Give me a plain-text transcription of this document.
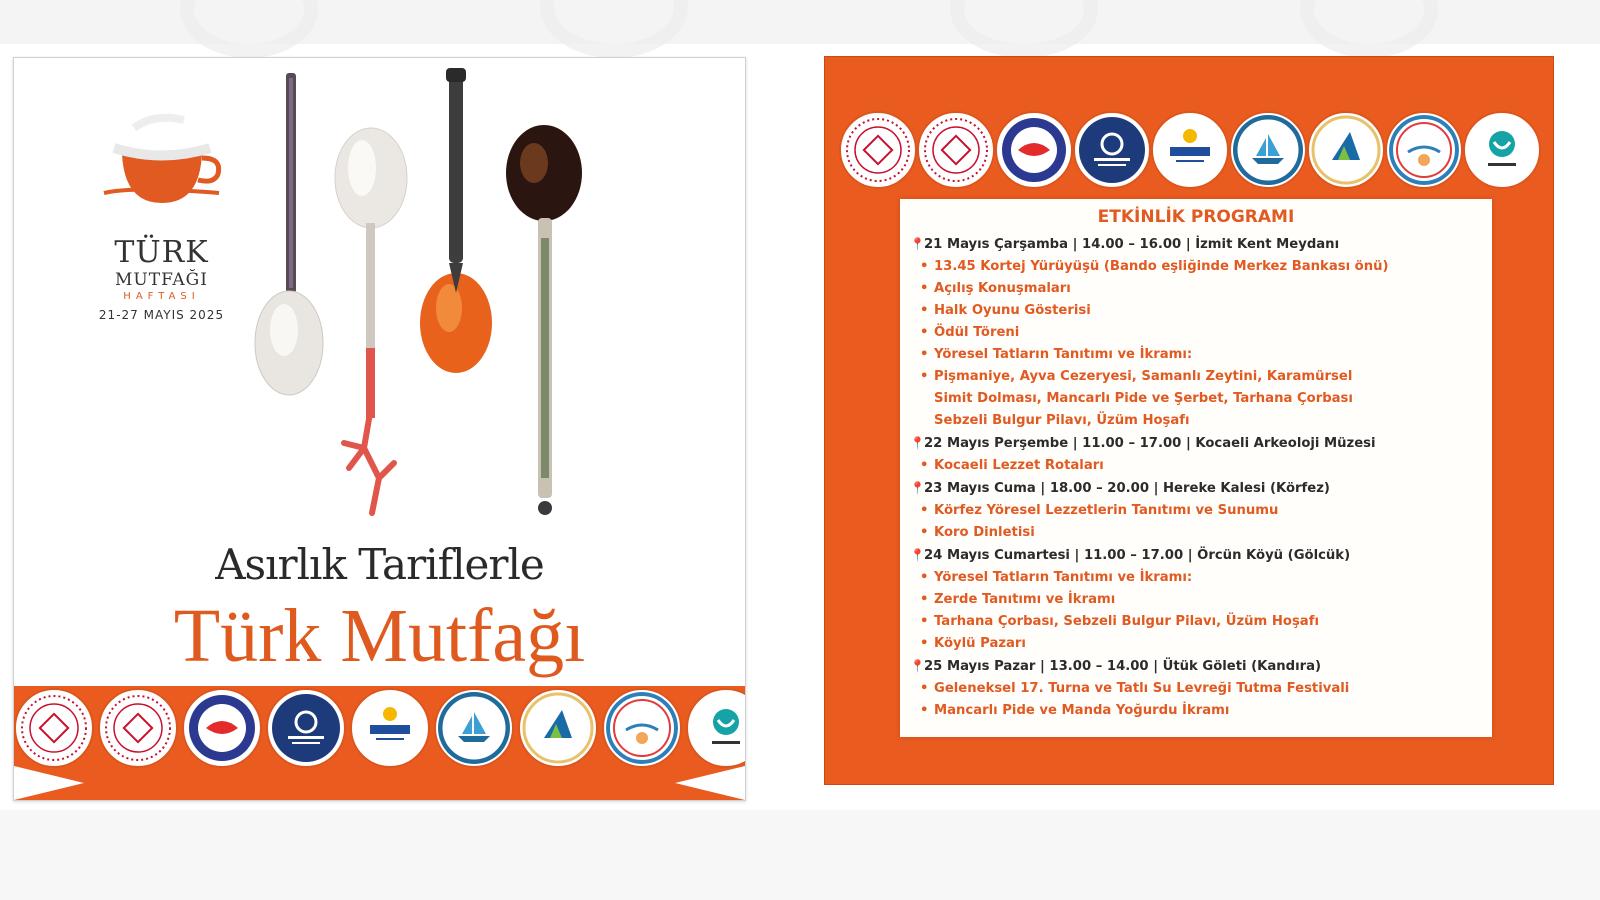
TÜRK
MUTFAĞI
HAFTASI
21-27 MAYIS 2025
Asırlık Tariflerle
Türk Mutfağı
ETKİNLİK PROGRAMI
📍21 Mayıs Çarşamba | 14.00 – 16.00 | İzmit Kent Meydanı
• 13.45 Kortej Yürüyüşü (Bando eşliğinde Merkez Bankası önü)
• Açılış Konuşmaları
• Halk Oyunu Gösterisi
• Ödül Töreni
• Yöresel Tatların Tanıtımı ve İkramı:
• Pişmaniye, Ayva Cezeryesi, Samanlı Zeytini, Karamürsel
Simit Dolması, Mancarlı Pide ve Şerbet, Tarhana Çorbası
Sebzeli Bulgur Pilavı, Üzüm Hoşafı
📍22 Mayıs Perşembe | 11.00 – 17.00 | Kocaeli Arkeoloji Müzesi
• Kocaeli Lezzet Rotaları
📍23 Mayıs Cuma | 18.00 – 20.00 | Hereke Kalesi (Körfez)
• Körfez Yöresel Lezzetlerin Tanıtımı ve Sunumu
• Koro Dinletisi
📍24 Mayıs Cumartesi | 11.00 – 17.00 | Örcün Köyü (Gölcük)
• Yöresel Tatların Tanıtımı ve İkramı:
• Zerde Tanıtımı ve İkramı
• Tarhana Çorbası, Sebzeli Bulgur Pilavı, Üzüm Hoşafı
• Köylü Pazarı
📍25 Mayıs Pazar | 13.00 – 14.00 | Ütük Göleti (Kandıra)
• Geleneksel 17. Turna ve Tatlı Su Levreği Tutma Festivali
• Mancarlı Pide ve Manda Yoğurdu İkramı
